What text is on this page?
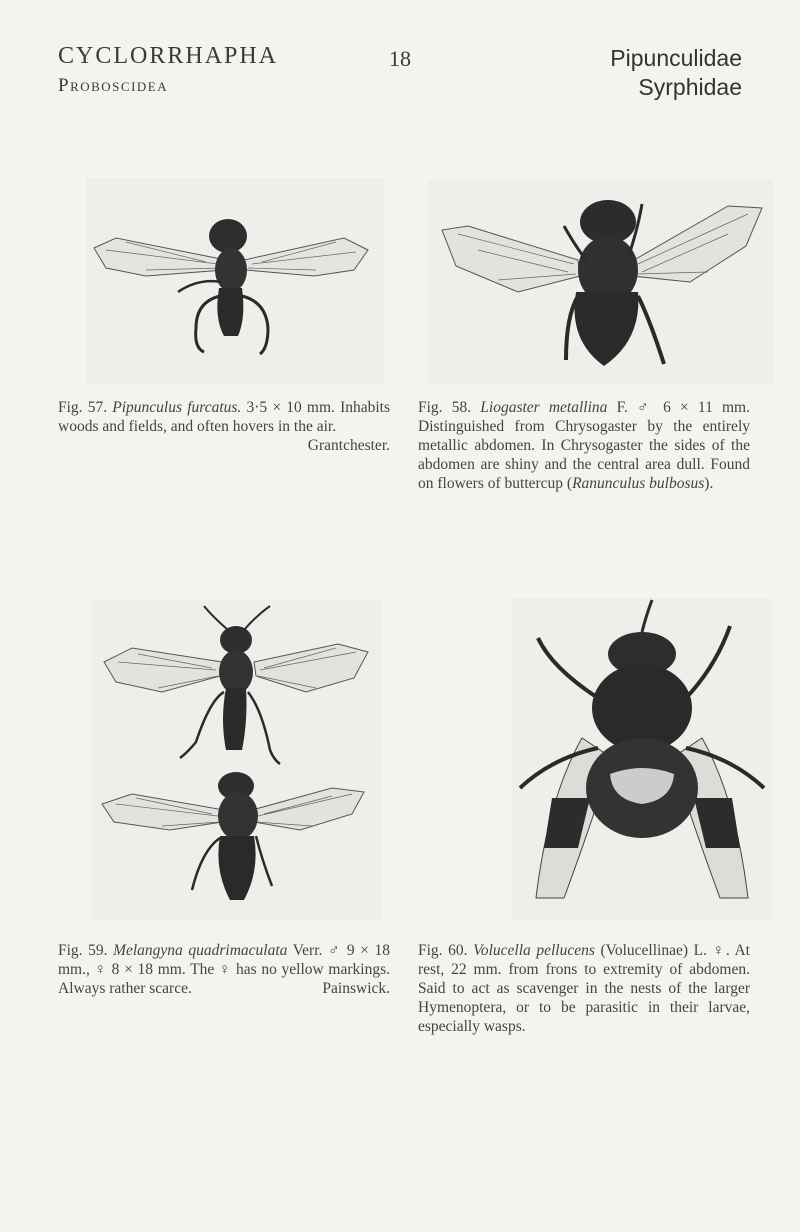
CYCLORRHAPHA
Proboscidea
18	Pipunculidae
Syrphidae
Fig. 57. Pipunculus furcatus. 3·5 × 10 mm. Inhabits woods and fields, and often hovers in the air.
Grantchester.
Fig. 58. Liogaster metallina F. ♂ 6 × 11 mm. Distinguished from Chrysogaster by the entirely metallic abdomen. In Chrysogaster the sides of the abdomen are shiny and the central area dull. Found on flowers of buttercup (Ranunculus bulbosus).
Fig. 59. Melangyna quadrimaculata Verr. ♂ 9 × 18 mm., ♀ 8 × 18 mm. The ♀ has no yellow markings. Always rather scarce.	Painswick.
Fig. 60. Volucella pellucens (Volucellinae) L. ♀. At rest, 22 mm. from frons to extremity of abdomen. Said to act as scavenger in the nests of the larger Hymenoptera, or to be parasitic in their larvae, especially wasps.
